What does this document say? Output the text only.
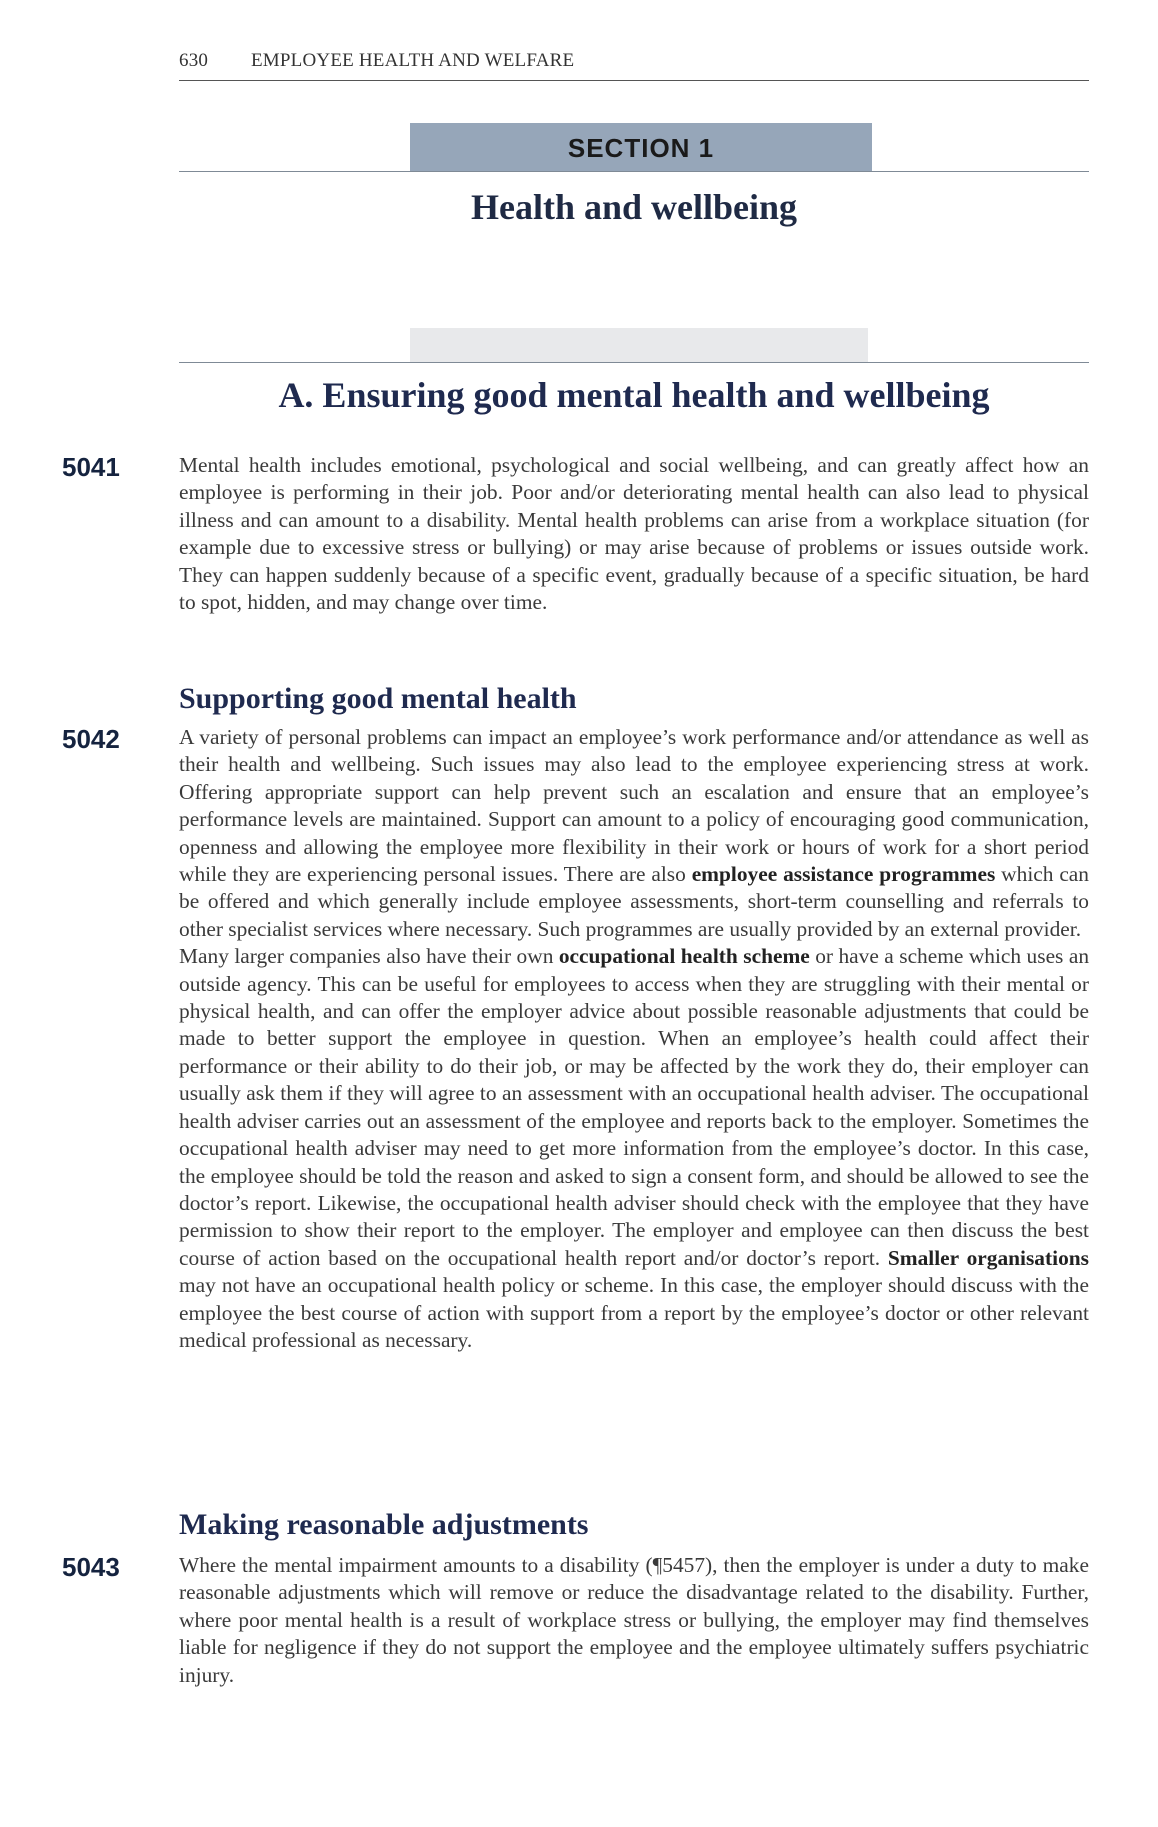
630 EMPLOYEE HEALTH AND WELFARE
SECTION 1
Health and wellbeing
A. Ensuring good mental health and wellbeing
5041	Mental health includes emotional, psychological and social wellbeing, and can greatly affect how an employee is performing in their job. Poor and/or deteriorating mental health can also lead to physical illness and can amount to a disability. Mental health problems can arise from a workplace situation (for example due to excessive stress or bullying) or may arise because of problems or issues outside work. They can happen suddenly because of a specific event, gradually because of a specific situation, be hard to spot, hidden, and may change over time.

Supporting good mental health
5042	A variety of personal problems can impact an employee’s work performance and/or attendance as well as their health and wellbeing. Such issues may also lead to the employee experiencing stress at work. Offering appropriate support can help prevent such an escalation and ensure that an employee’s performance levels are maintained. Support can amount to a policy of encouraging good communication, openness and allowing the employee more flexibility in their work or hours of work for a short period while they are experiencing personal issues. There are also employee assistance programmes which can be offered and which generally include employee assessments, short-term counselling and referrals to other specialist services where necessary. Such programmes are usually provided by an external provider.

Many larger companies also have their own occupational health scheme or have a scheme which uses an outside agency. This can be useful for employees to access when they are struggling with their mental or physical health, and can offer the employer advice about possible reasonable adjustments that could be made to better support the employee in question. When an employee’s health could affect their performance or their ability to do their job, or may be affected by the work they do, their employer can usually ask them if they will agree to an assessment with an occupational health adviser. The occupational health adviser carries out an assessment of the employee and reports back to the employer. Sometimes the occupational health adviser may need to get more information from the employee’s doctor. In this case, the employee should be told the reason and asked to sign a consent form, and should be allowed to see the doctor’s report. Likewise, the occupational health adviser should check with the employee that they have permission to show their report to the employer. The employer and employee can then discuss the best course of action based on the occupational health report and/or doctor’s report. Smaller organisations may not have an occupational health policy or scheme. In this case, the employer should discuss with the employee the best course of action with support from a report by the employee’s doctor or other relevant medical professional as necessary.

Making reasonable adjustments
5043	Where the mental impairment amounts to a disability (¶5457), then the employer is under a duty to make reasonable adjustments which will remove or reduce the disadvantage related to the disability. Further, where poor mental health is a result of workplace stress or bullying, the employer may find themselves liable for negligence if they do not support the employee and the employee ultimately suffers psychiatric injury.
